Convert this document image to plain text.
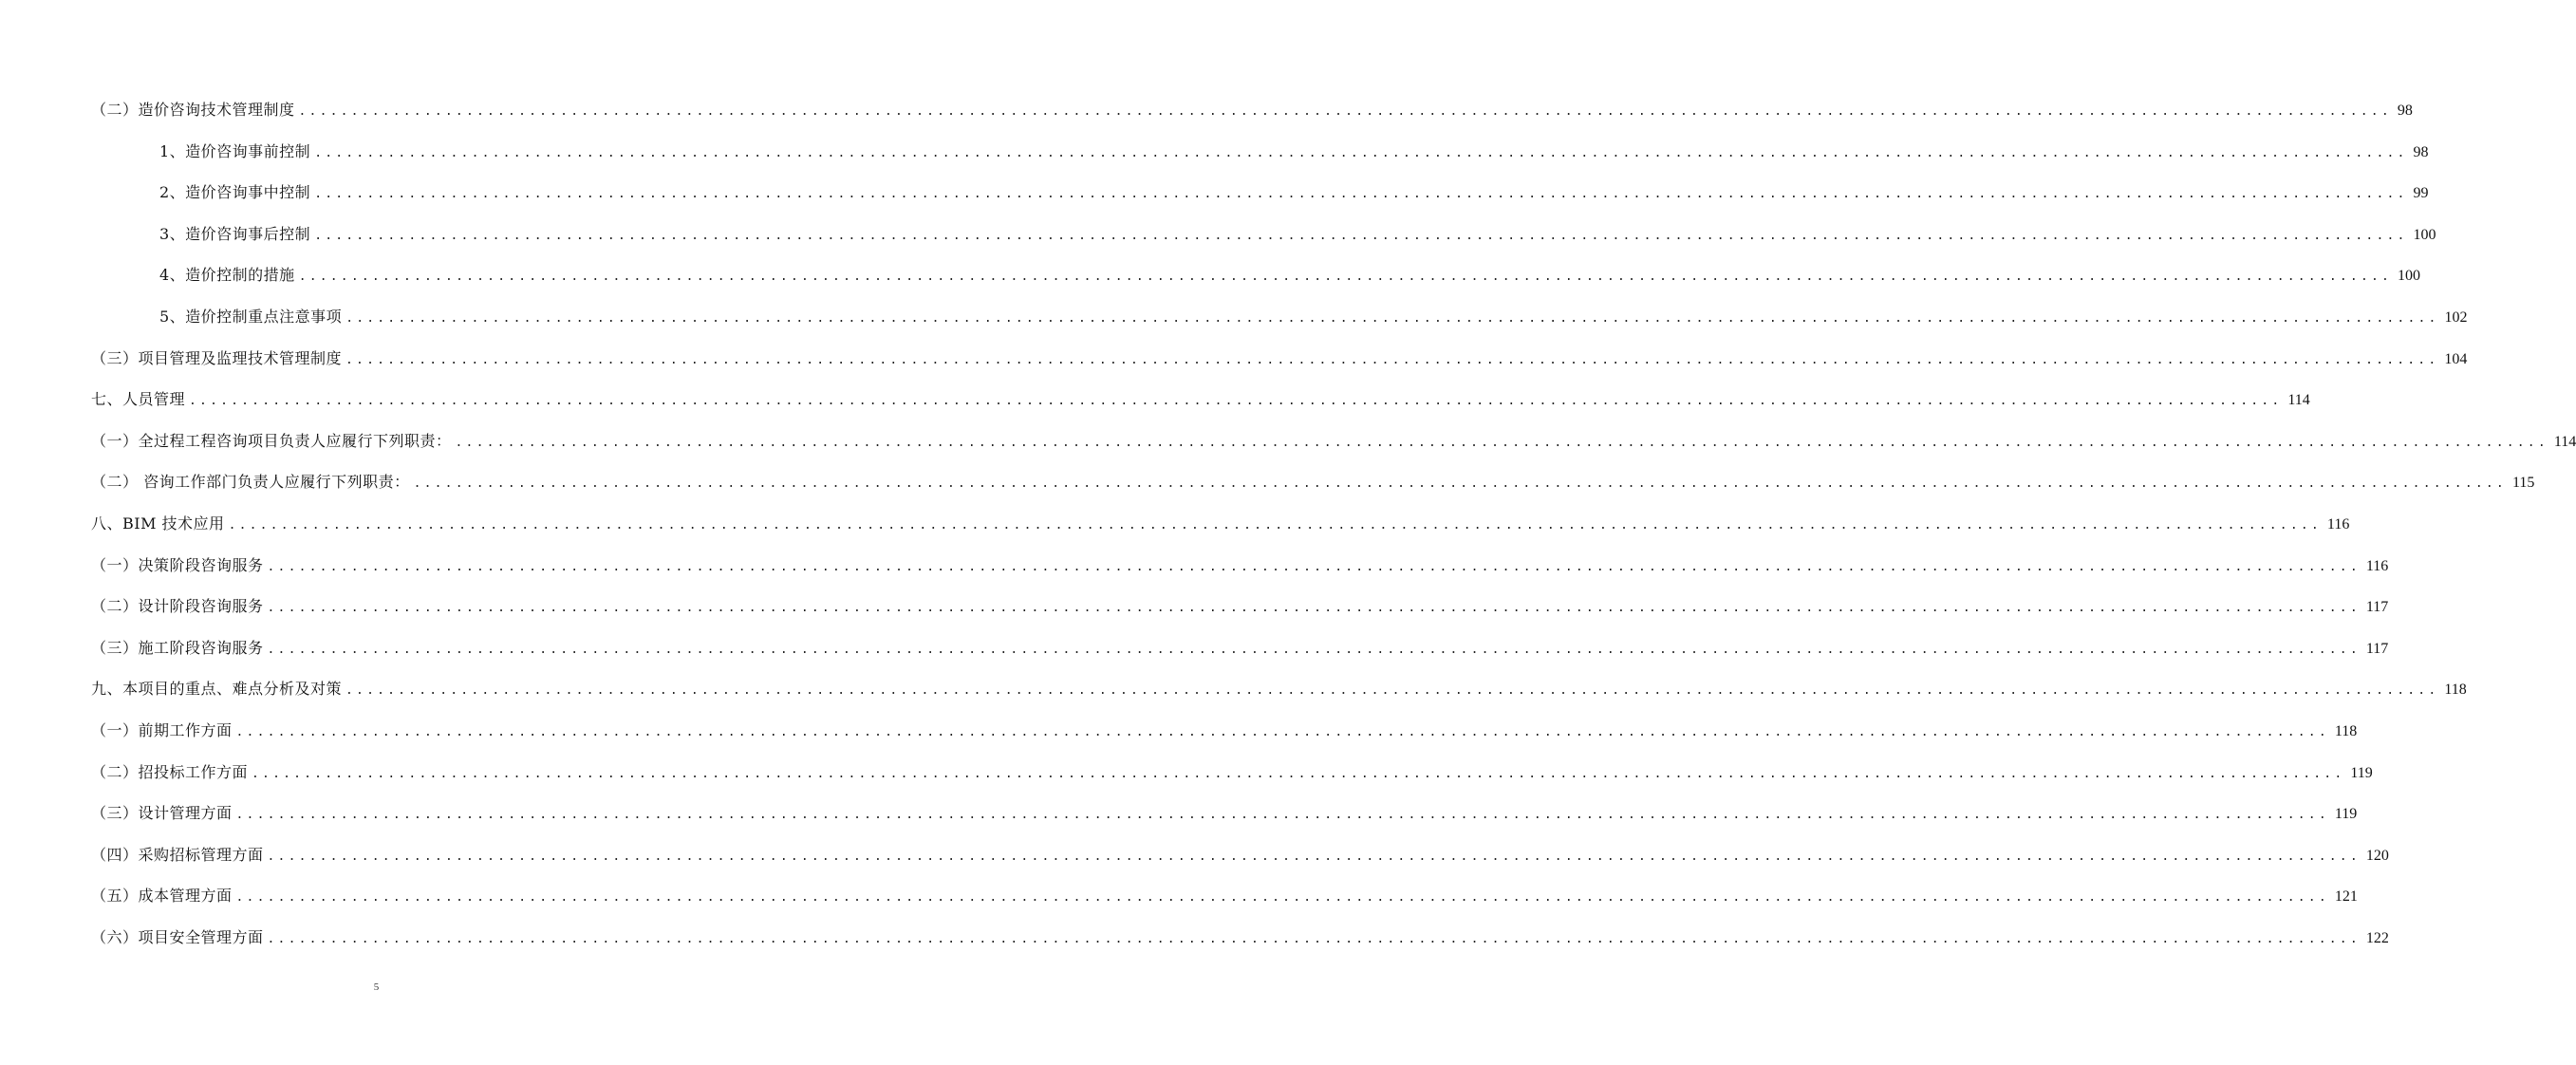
（二）造价咨询技术管理制度 ........................................................................................................................................................................................................ 98
1、造价咨询事前控制 ........................................................................................................................................................................................................ 98
2、造价咨询事中控制 ........................................................................................................................................................................................................ 99
3、造价咨询事后控制 ........................................................................................................................................................................................................ 100
4、造价控制的措施 ........................................................................................................................................................................................................ 100
5、造价控制重点注意事项 ........................................................................................................................................................................................................ 102
（三）项目管理及监理技术管理制度 ........................................................................................................................................................................................................ 104
七、人员管理 ........................................................................................................................................................................................................ 114
（一）全过程工程咨询项目负责人应履行下列职责： ........................................................................................................................................................................................................ 114
（二） 咨询工作部门负责人应履行下列职责： ........................................................................................................................................................................................................ 115
八、BIM 技术应用 ........................................................................................................................................................................................................ 116
（一）决策阶段咨询服务 ........................................................................................................................................................................................................ 116
（二）设计阶段咨询服务 ........................................................................................................................................................................................................ 117
（三）施工阶段咨询服务 ........................................................................................................................................................................................................ 117
九、本项目的重点、难点分析及对策 ........................................................................................................................................................................................................ 118
（一）前期工作方面 ........................................................................................................................................................................................................ 118
（二）招投标工作方面 ........................................................................................................................................................................................................ 119
（三）设计管理方面 ........................................................................................................................................................................................................ 119
（四）采购招标管理方面 ........................................................................................................................................................................................................ 120
（五）成本管理方面 ........................................................................................................................................................................................................ 121
（六）项目安全管理方面 ........................................................................................................................................................................................................ 122
5
